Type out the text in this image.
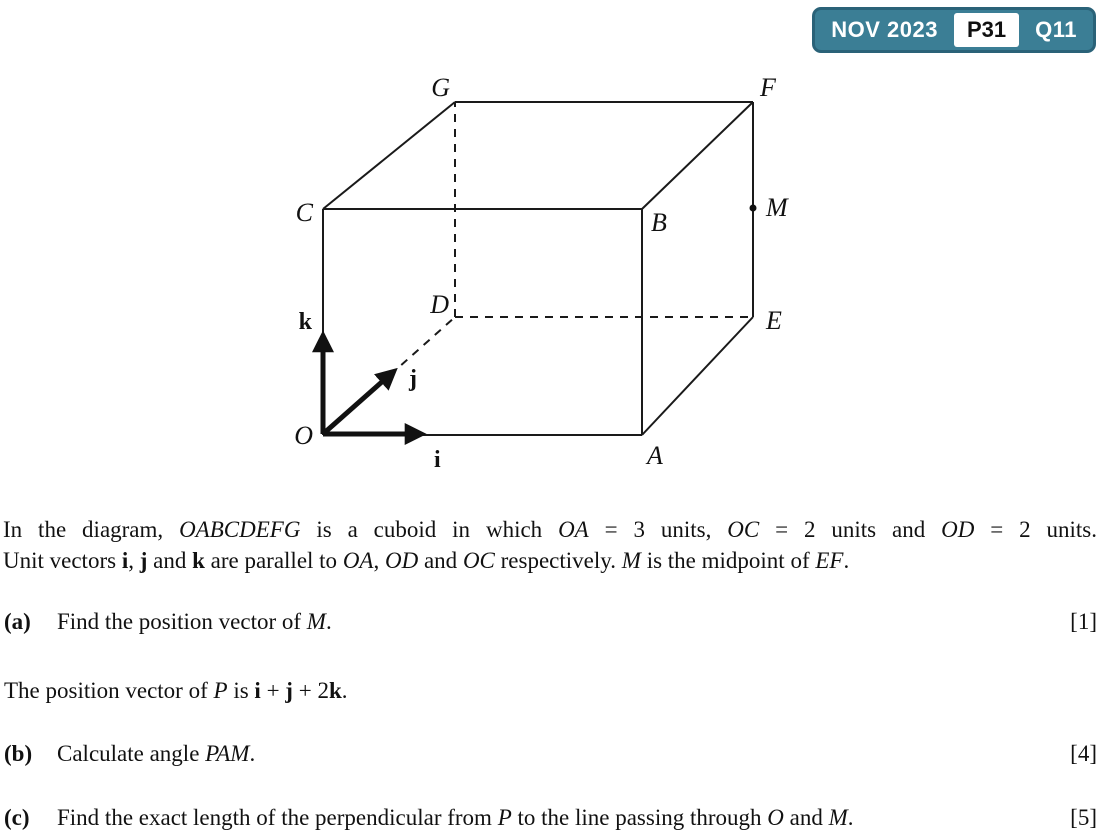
NOV 2023	P31	Q11
G	F
C	B
M
D
E
O
A
k
j
i
In the diagram, OABCDEFG is a cuboid in which OA = 3 units, OC = 2 units and OD = 2 units.
Unit vectors i, j and k are parallel to OA, OD and OC respectively. M is the midpoint of EF.
(a)	Find the position vector of M.	[1]
The position vector of P is i + j + 2k.
(b)	Calculate angle PAM.	[4]
(c)	Find the exact length of the perpendicular from P to the line passing through O and M.	[5]
